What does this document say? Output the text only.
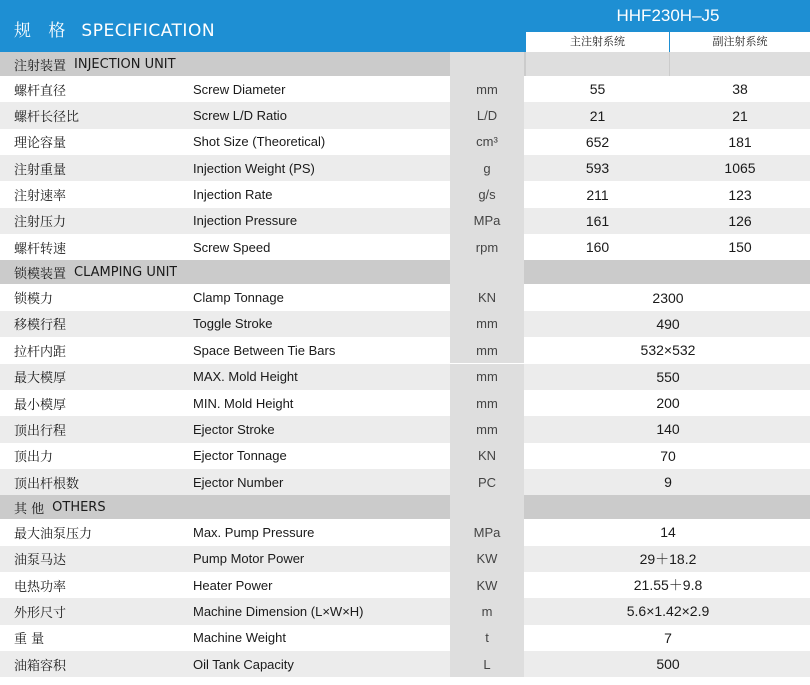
规 格 SPECIFICATION
HHF230H–J5
主注射系统	副注射系统
注射装置 INJECTION UNIT
螺杆直径	Screw Diameter	mm	55	38
螺杆长径比	Screw L/D Ratio	L/D	21	21
理论容量	Shot Size (Theoretical)	cm³	652	181
注射重量	Injection Weight (PS)	g	593	1065
注射速率	Injection Rate	g/s	211	123
注射压力	Injection Pressure	MPa	161	126
螺杆转速	Screw Speed	rpm	160	150
锁模装置 CLAMPING UNIT
锁模力	Clamp Tonnage	KN	2300
移模行程	Toggle Stroke	mm	490
拉杆内距	Space Between Tie Bars	mm	532×532
最大模厚	MAX. Mold Height	mm	550
最小模厚	MIN. Mold Height	mm	200
顶出行程	Ejector Stroke	mm	140
顶出力	Ejector Tonnage	KN	70
顶出杆根数	Ejector Number	PC	9
其 他 OTHERS
最大油泵压力	Max. Pump Pressure	MPa	14
油泵马达	Pump Motor Power	KW	29＋18.2
电热功率	Heater Power	KW	21.55＋9.8
外形尺寸	Machine Dimension (L×W×H)	m	5.6×1.42×2.9
重 量	Machine Weight	t	7
油箱容积	Oil Tank Capacity	L	500
